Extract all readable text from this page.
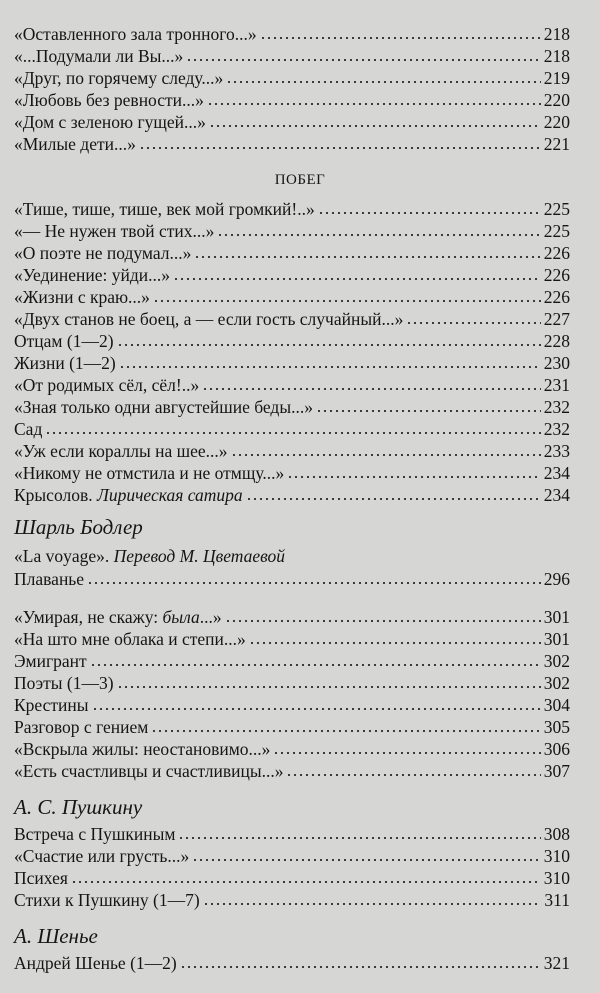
«Оставленного зала тронного...»	218
«...Подумали ли Вы...»	218
«Друг, по горячему следу...»	219
«Любовь без ревности...»	220
«Дом с зеленою гущей...»	220
«Милые дети...»	221
ПОБЕГ
«Тише, тише, тише, век мой громкий!..»	225
«— Не нужен твой стих...»	225
«О поэте не подумал...»	226
«Уединение: уйди...»	226
«Жизни с краю...»	226
«Двух станов не боец, а — если гость случайный...»	227
Отцам (1—2)	228
Жизни (1—2)	230
«От родимых сёл, сёл!..»	231
«Зная только одни августейшие беды...»	232
Сад	232
«Уж если кораллы на шее...»	233
«Никому не отмстила и не отмщу...»	234
Крысолов. Лирическая сатира	234
Шарль Бодлер
«La voyage». Перевод М. Цветаевой
Плаванье	296
«Умирая, не скажу: была...»	301
«На што мне облака и степи...»	301
Эмигрант	302
Поэты (1—3)	302
Крестины	304
Разговор с гением	305
«Вскрыла жилы: неостановимо...»	306
«Есть счастливцы и счастливицы...»	307
А. С. Пушкину
Встреча с Пушкиным	308
«Счастие или грусть...»	310
Психея	310
Стихи к Пушкину (1—7)	311
А. Шенье
Андрей Шенье (1—2)	321
